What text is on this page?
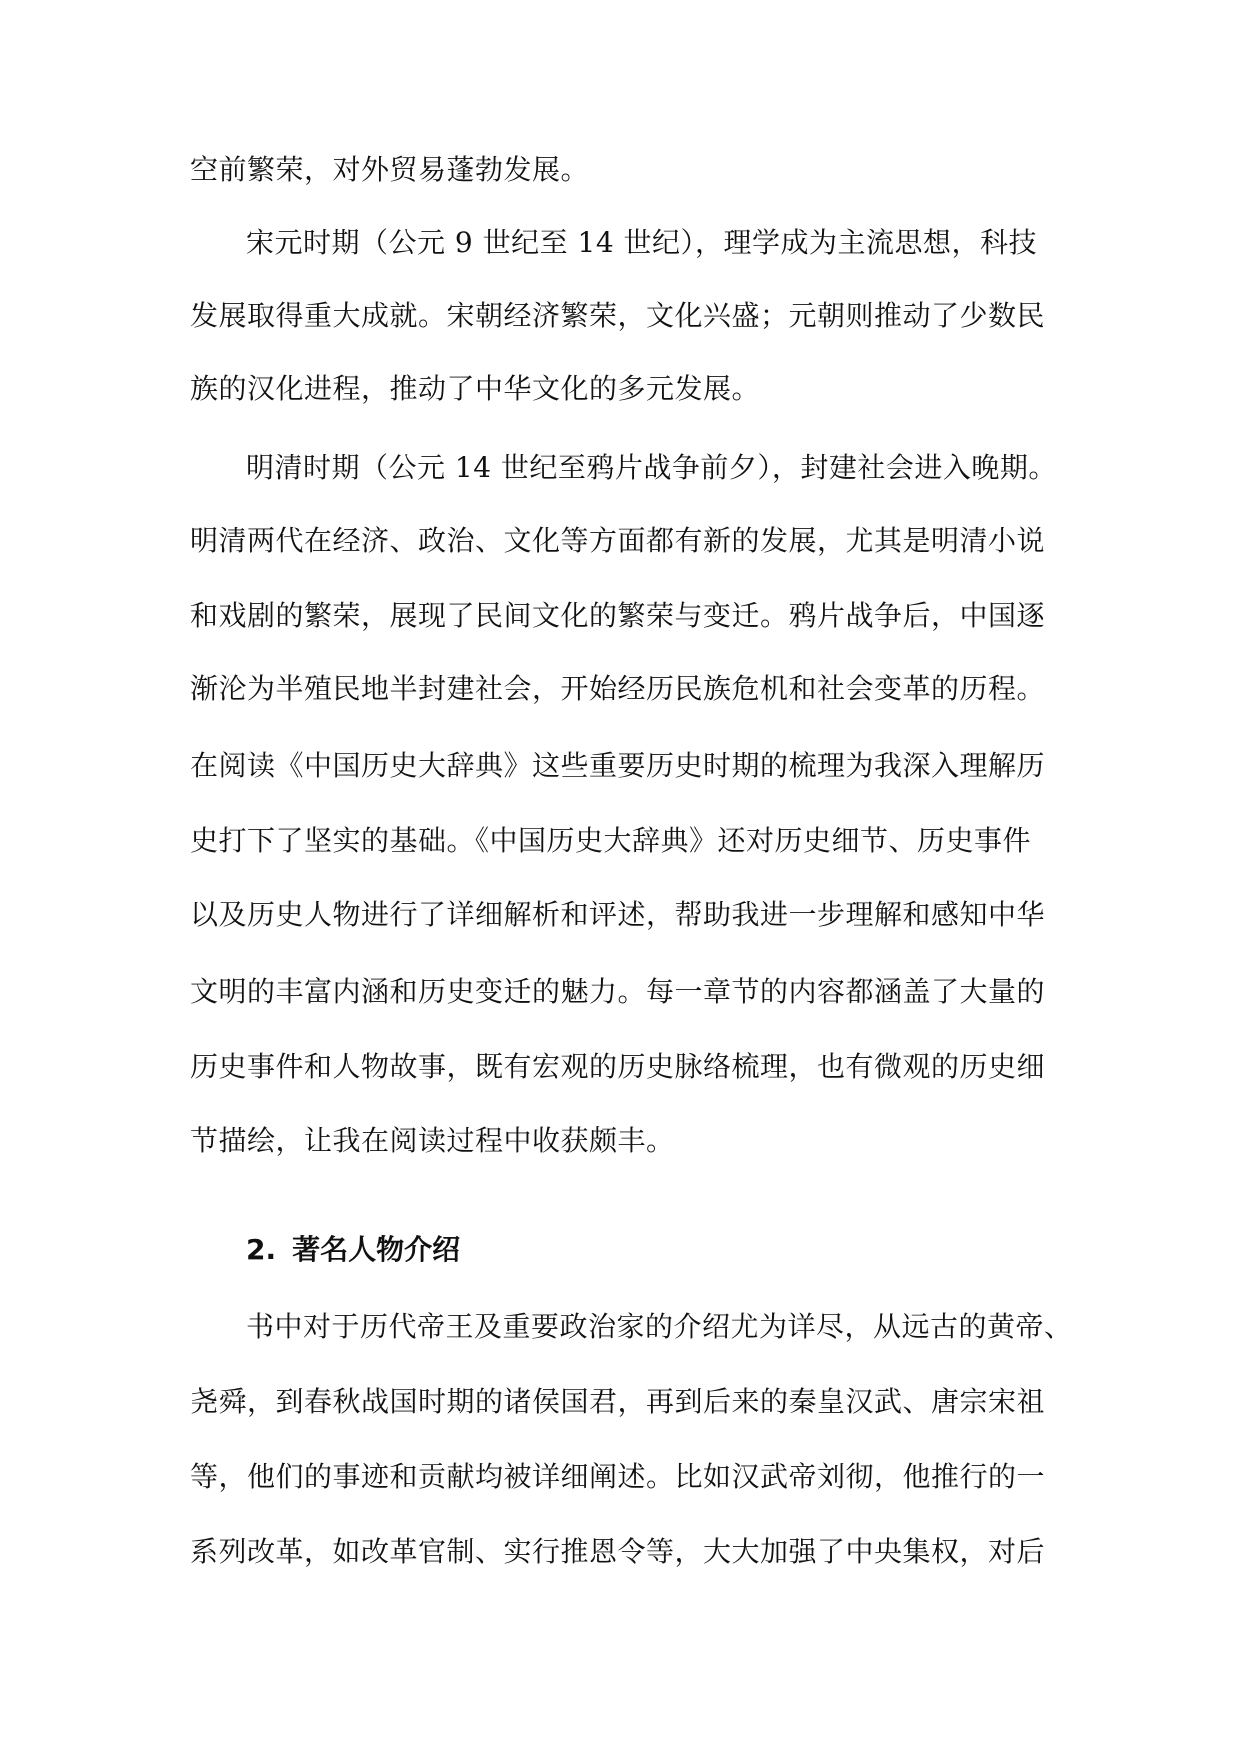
空前繁荣，对外贸易蓬勃发展。
宋元时期（公元 9 世纪至 14 世纪），理学成为主流思想，科技
发展取得重大成就。宋朝经济繁荣，文化兴盛；元朝则推动了少数民
族的汉化进程，推动了中华文化的多元发展。
明清时期（公元 14 世纪至鸦片战争前夕），封建社会进入晚期。
明清两代在经济、政治、文化等方面都有新的发展，尤其是明清小说
和戏剧的繁荣，展现了民间文化的繁荣与变迁。鸦片战争后，中国逐
渐沦为半殖民地半封建社会，开始经历民族危机和社会变革的历程。
在阅读《中国历史大辞典》这些重要历史时期的梳理为我深入理解历
史打下了坚实的基础。《中国历史大辞典》还对历史细节、历史事件
以及历史人物进行了详细解析和评述，帮助我进一步理解和感知中华
文明的丰富内涵和历史变迁的魅力。每一章节的内容都涵盖了大量的
历史事件和人物故事，既有宏观的历史脉络梳理，也有微观的历史细
节描绘，让我在阅读过程中收获颇丰。
2. 著名人物介绍
书中对于历代帝王及重要政治家的介绍尤为详尽，从远古的黄帝、
尧舜，到春秋战国时期的诸侯国君，再到后来的秦皇汉武、唐宗宋祖
等，他们的事迹和贡献均被详细阐述。比如汉武帝刘彻，他推行的一
系列改革，如改革官制、实行推恩令等，大大加强了中央集权，对后
